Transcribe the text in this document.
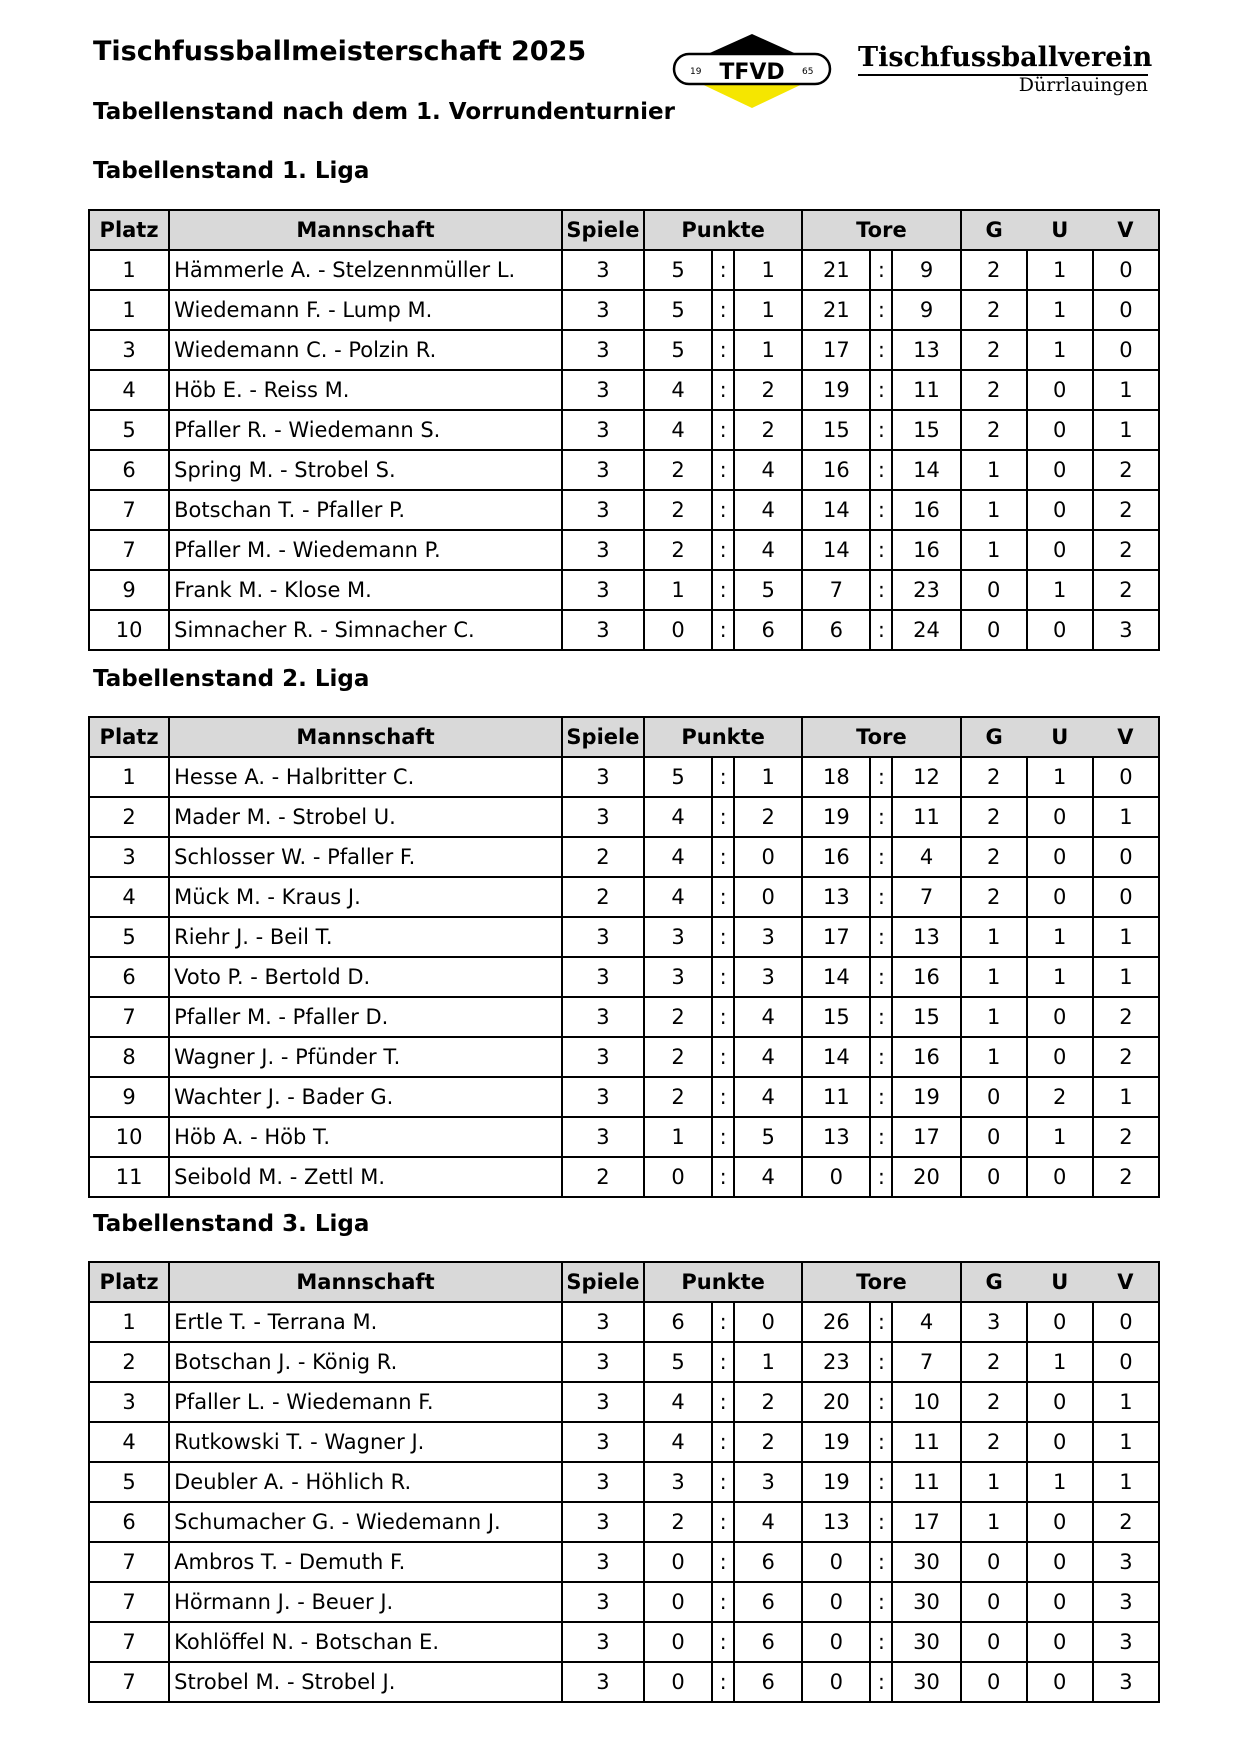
Tischfussballmeisterschaft 2025
Tabellenstand nach dem 1. Vorrundenturnier
19	65
TFVD	Tischfussballverein
Dürrlauingen
Tabellenstand 1. Liga
Platz	Mannschaft	Spiele	Punkte			Tore			G	U	V
1	Hämmerle A. - Stelzennmüller L.	3	5	:	1	21	:	9	2	1	0
1	Wiedemann F. - Lump M.	3	5	:	1	21	:	9	2	1	0
3	Wiedemann C. - Polzin R.	3	5	:	1	17	:	13	2	1	0
4	Höb E. - Reiss M.	3	4	:	2	19	:	11	2	0	1
5	Pfaller R. - Wiedemann S.	3	4	:	2	15	:	15	2	0	1
6	Spring M. - Strobel S.	3	2	:	4	16	:	14	1	0	2
7	Botschan T. - Pfaller P.	3	2	:	4	14	:	16	1	0	2
7	Pfaller M. - Wiedemann P.	3	2	:	4	14	:	16	1	0	2
9	Frank M. - Klose M.	3	1	:	5	7	:	23	0	1	2
10	Simnacher R. - Simnacher C.	3	0	:	6	6	:	24	0	0	3
Tabellenstand 2. Liga
Platz	Mannschaft	Spiele	Punkte			Tore			G	U	V
1	Hesse A. - Halbritter C.	3	5	:	1	18	:	12	2	1	0
2	Mader M. - Strobel U.	3	4	:	2	19	:	11	2	0	1
3	Schlosser W. - Pfaller F.	2	4	:	0	16	:	4	2	0	0
4	Mück M. - Kraus J.	2	4	:	0	13	:	7	2	0	0
5	Riehr J. - Beil T.	3	3	:	3	17	:	13	1	1	1
6	Voto P. - Bertold D.	3	3	:	3	14	:	16	1	1	1
7	Pfaller M. - Pfaller D.	3	2	:	4	15	:	15	1	0	2
8	Wagner J. - Pfünder T.	3	2	:	4	14	:	16	1	0	2
9	Wachter J. - Bader G.	3	2	:	4	11	:	19	0	2	1
10	Höb A. - Höb T.	3	1	:	5	13	:	17	0	1	2
11	Seibold M. - Zettl M.	2	0	:	4	0	:	20	0	0	2
Tabellenstand 3. Liga
Platz	Mannschaft	Spiele	Punkte			Tore			G	U	V
1	Ertle T. - Terrana M.	3	6	:	0	26	:	4	3	0	0
2	Botschan J. - König R.	3	5	:	1	23	:	7	2	1	0
3	Pfaller L. - Wiedemann F.	3	4	:	2	20	:	10	2	0	1
4	Rutkowski T. - Wagner J.	3	4	:	2	19	:	11	2	0	1
5	Deubler A. - Höhlich R.	3	3	:	3	19	:	11	1	1	1
6	Schumacher G. - Wiedemann J.	3	2	:	4	13	:	17	1	0	2
7	Ambros T. - Demuth F.	3	0	:	6	0	:	30	0	0	3
7	Hörmann J. - Beuer J.	3	0	:	6	0	:	30	0	0	3
7	Kohlöffel N. - Botschan E.	3	0	:	6	0	:	30	0	0	3
7	Strobel M. - Strobel J.	3	0	:	6	0	:	30	0	0	3
